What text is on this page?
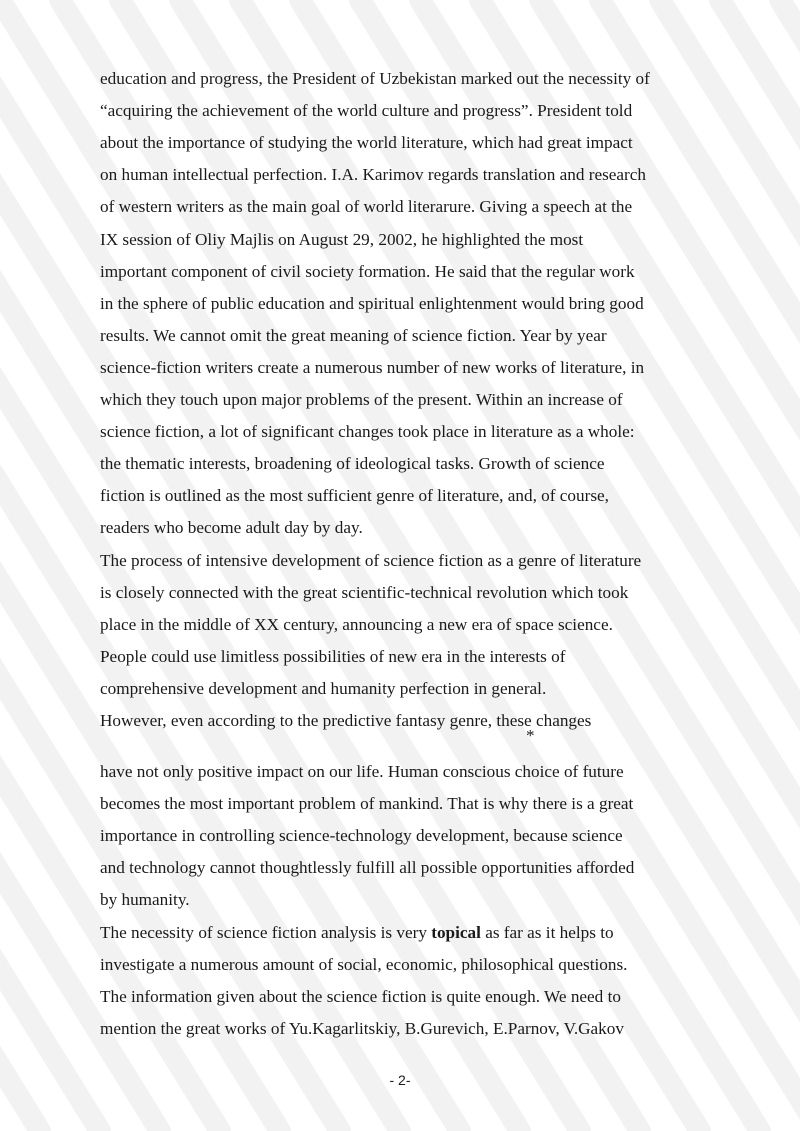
education and progress, the President of Uzbekistan marked out the necessity of
“acquiring the achievement of the world culture and progress”. President told
about the importance of studying the world literature, which had great impact
on human intellectual perfection. I.A. Karimov regards translation and research
of western writers as the main goal of world literarure. Giving a speech at the
IX session of Oliy Majlis on August 29, 2002, he highlighted the most
important component of civil society formation. He said that the regular work
in the sphere of public education and spiritual enlightenment would bring good
results. We cannot omit the great meaning of science fiction. Year by year
science-fiction writers create a numerous number of new works of literature, in
which they touch upon major problems of the present. Within an increase of
science fiction, a lot of significant changes took place in literature as a whole:
the thematic interests, broadening of ideological tasks. Growth of science
fiction is outlined as the most sufficient genre of literature, and, of course,
readers who become adult day by day.
The process of intensive development of science fiction as a genre of literature
is closely connected with the great scientific-technical revolution which took
place in the middle of XX century, announcing a new era of space science.
People could use limitless possibilities of new era in the interests of
comprehensive development and humanity perfection in general.
However, even according to the predictive fantasy genre, these changes
have not only positive impact on our life. Human conscious choice of future
becomes the most important problem of mankind. That is why there is a great
importance in controlling science-technology development, because science
and technology cannot thoughtlessly fulfill all possible opportunities afforded
by humanity.
The necessity of science fiction analysis is very topical as far as it helps to
investigate a numerous amount of social, economic, philosophical questions.
The information given about the science fiction is quite enough. We need to
mention the great works of Yu.Kagarlitskiy, B.Gurevich, E.Parnov, V.Gakov
*
- 2-
